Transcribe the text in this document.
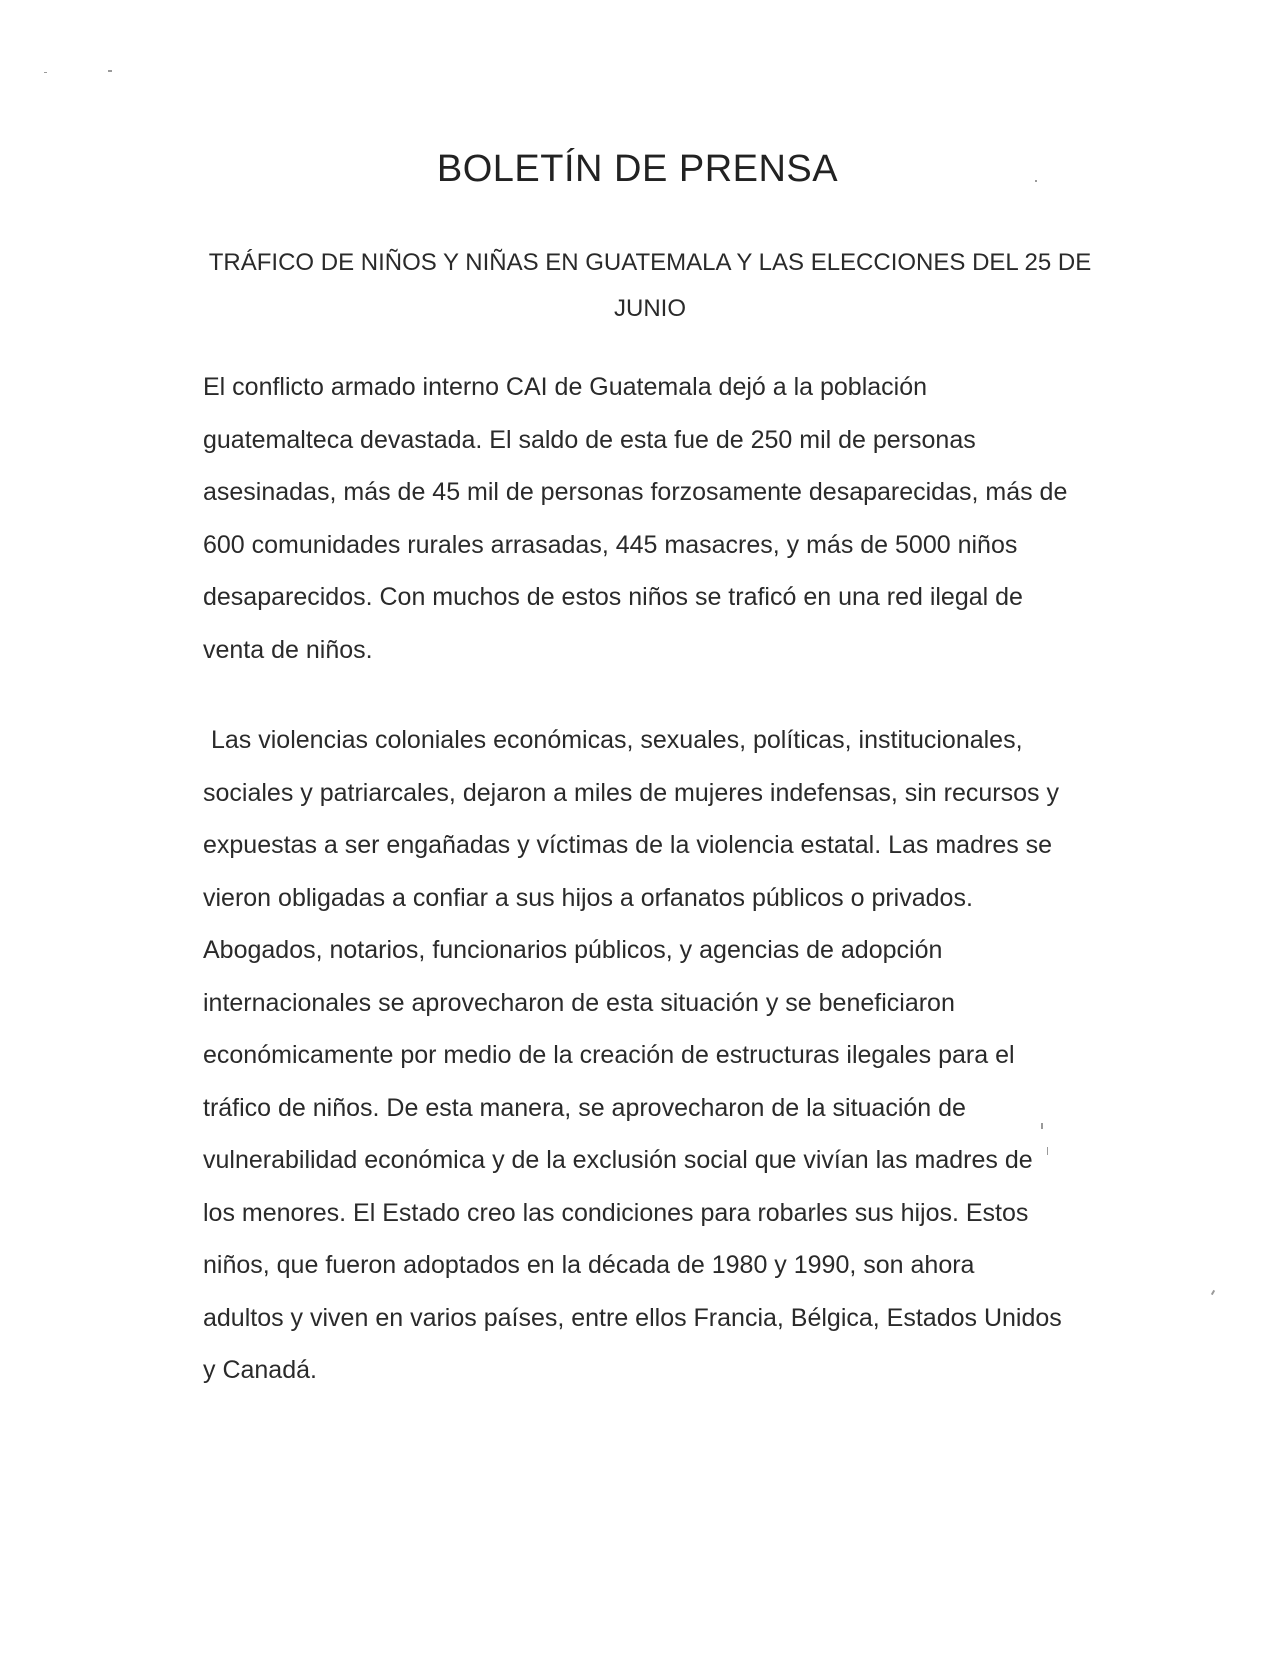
BOLETÍN DE PRENSA
TRÁFICO DE NIÑOS Y NIÑAS EN GUATEMALA Y LAS ELECCIONES DEL 25 DE
JUNIO
El conflicto armado interno CAI de Guatemala dejó a la población
guatemalteca devastada. El saldo de esta fue de 250 mil de personas
asesinadas, más de 45 mil de personas forzosamente desaparecidas, más de
600 comunidades rurales arrasadas, 445 masacres, y más de 5000 niños
desaparecidos. Con muchos de estos niños se traficó en una red ilegal de
venta de niños.
Las violencias coloniales económicas, sexuales, políticas, institucionales,
sociales y patriarcales, dejaron a miles de mujeres indefensas, sin recursos y
expuestas a ser engañadas y víctimas de la violencia estatal. Las madres se
vieron obligadas a confiar a sus hijos a orfanatos públicos o privados.
Abogados, notarios, funcionarios públicos, y agencias de adopción
internacionales se aprovecharon de esta situación y se beneficiaron
económicamente por medio de la creación de estructuras ilegales para el
tráfico de niños. De esta manera, se aprovecharon de la situación de
vulnerabilidad económica y de la exclusión social que vivían las madres de
los menores. El Estado creo las condiciones para robarles sus hijos. Estos
niños, que fueron adoptados en la década de 1980 y 1990, son ahora
adultos y viven en varios países, entre ellos Francia, Bélgica, Estados Unidos
y Canadá.
